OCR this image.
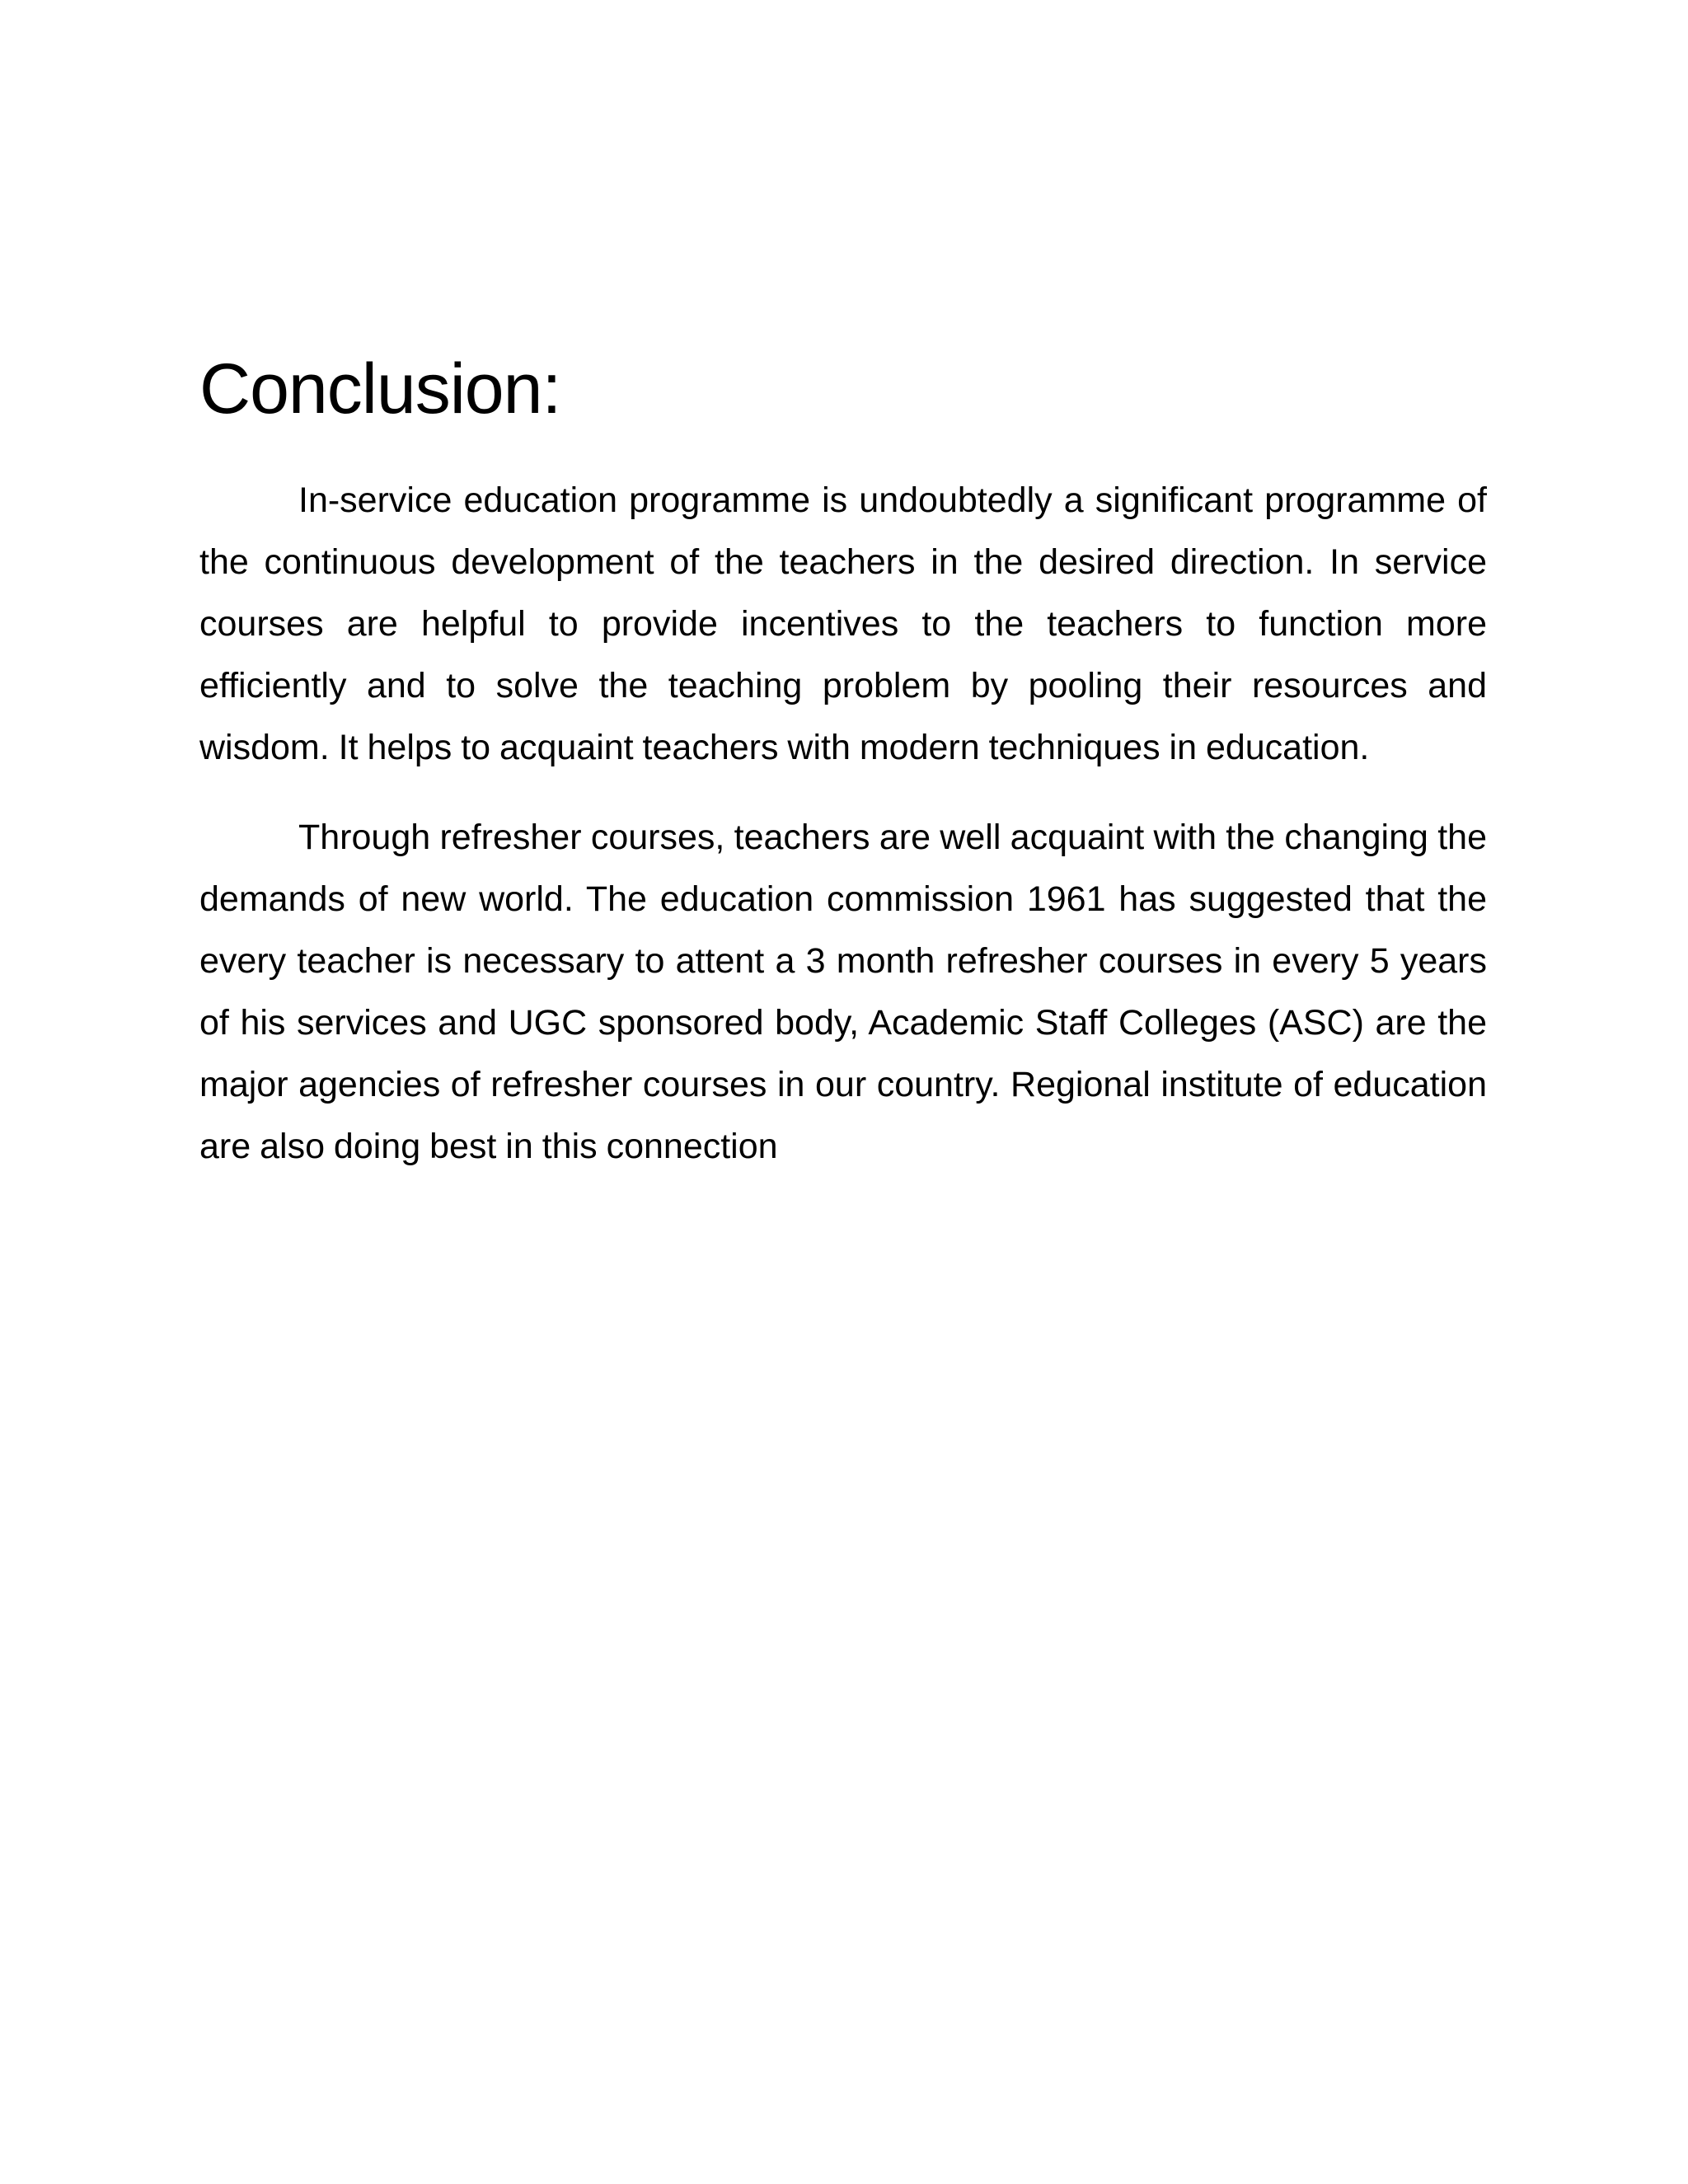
Conclusion:

In-service education programme is undoubtedly a significant programme of the continuous development of the teachers in the desired direction. In service courses are helpful to provide incentives to the teachers to function more efficiently and to solve the teaching problem by pooling their resources and wisdom. It helps to acquaint teachers with modern techniques in education.

Through refresher courses, teachers are well acquaint with the changing the demands of new world. The education commission 1961 has suggested that the every teacher is necessary to attent a 3 month refresher courses in every 5 years of his services and UGC sponsored body, Academic Staff Colleges (ASC) are the major agencies of refresher courses in our country. Regional institute of education are also doing best in this connection
